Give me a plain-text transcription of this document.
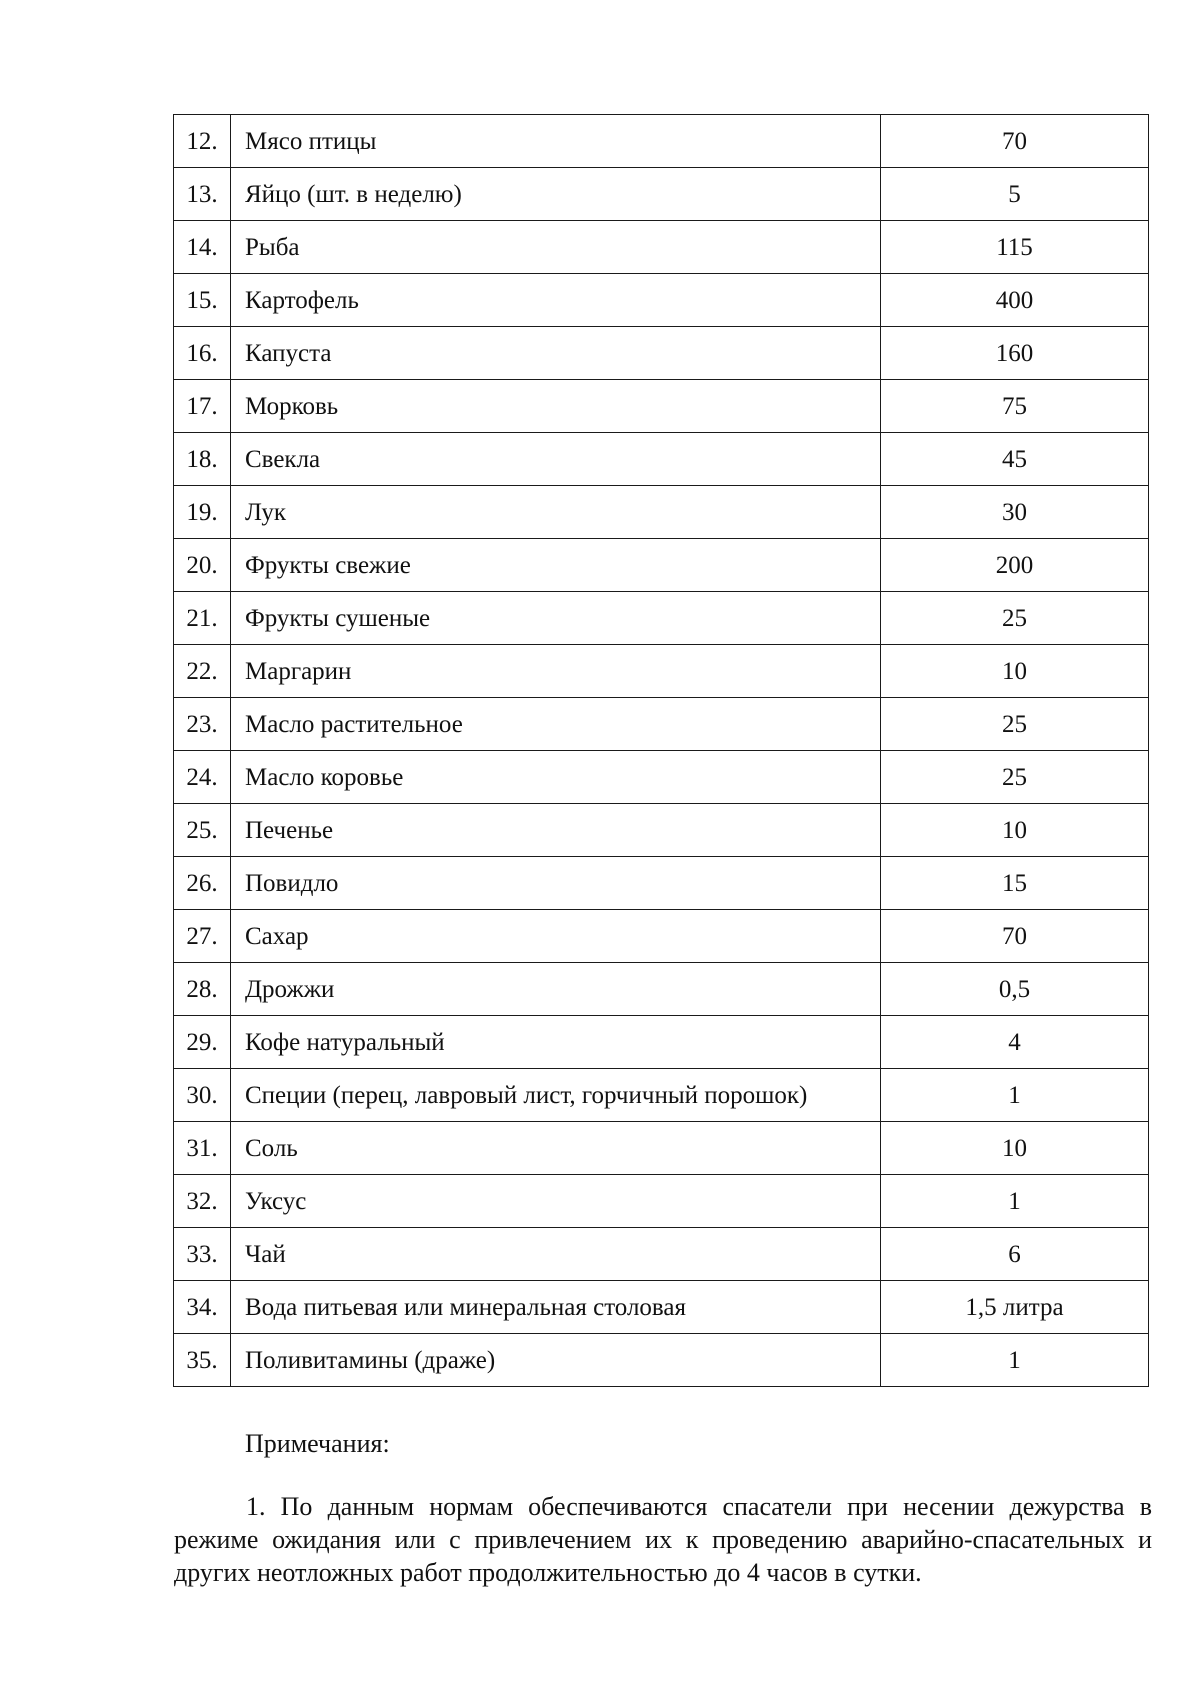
12.	Мясо птицы	70
13.	Яйцо (шт. в неделю)	5
14.	Рыба	115
15.	Картофель	400
16.	Капуста	160
17.	Морковь	75
18.	Свекла	45
19.	Лук	30
20.	Фрукты свежие	200
21.	Фрукты сушеные	25
22.	Маргарин	10
23.	Масло растительное	25
24.	Масло коровье	25
25.	Печенье	10
26.	Повидло	15
27.	Сахар	70
28.	Дрожжи	0,5
29.	Кофе натуральный	4
30.	Специи (перец, лавровый лист, горчичный порошок)	1
31.	Соль	10
32.	Уксус	1
33.	Чай	6
34.	Вода питьевая или минеральная столовая	1,5 литра
35.	Поливитамины (драже)	1

Примечания:

1. По данным нормам обеспечиваются спасатели при несении дежурства в режиме ожидания или с привлечением их к проведению аварийно-спасательных и других неотложных работ продолжительностью до 4 часов в сутки.
